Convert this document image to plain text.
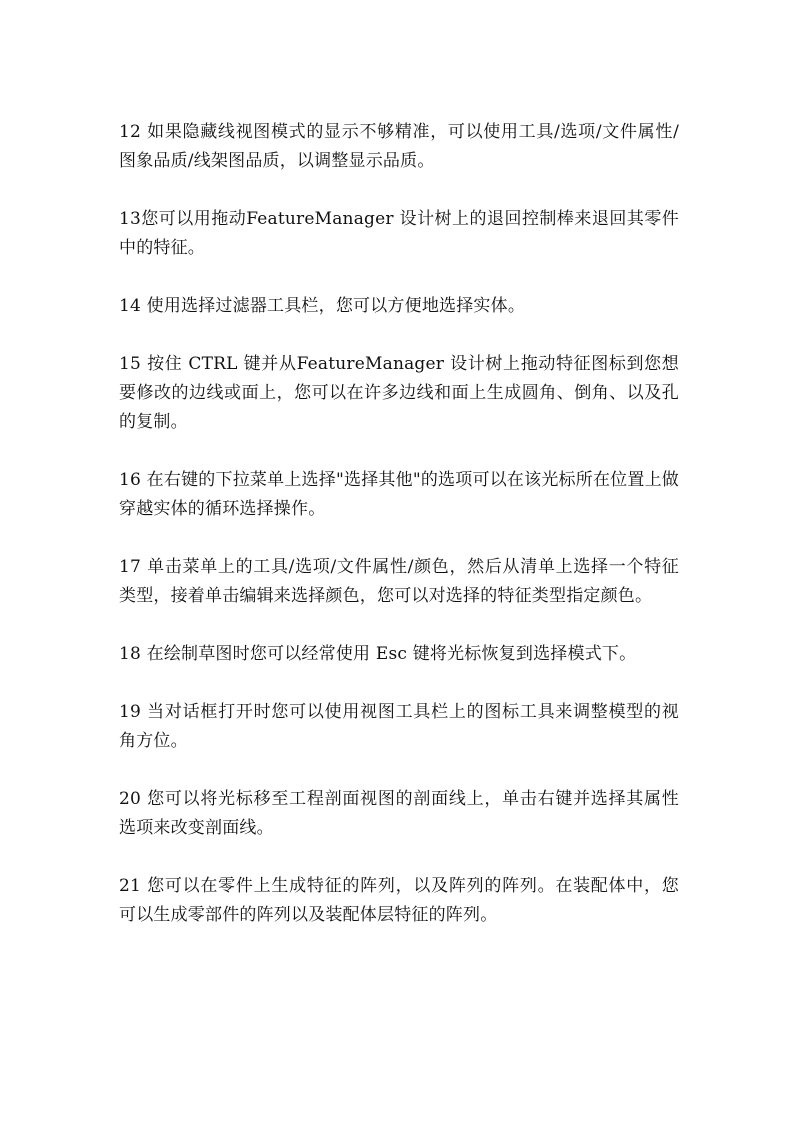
12 如果隐藏线视图模式的显示不够精准，可以使用工具/选项/文件属性/图象品质/线架图品质，以调整显示品质。

13您可以用拖动FeatureManager 设计树上的退回控制棒来退回其零件中的特征。

14 使用选择过滤器工具栏，您可以方便地选择实体。

15 按住 CTRL 键并从FeatureManager 设计树上拖动特征图标到您想要修改的边线或面上，您可以在许多边线和面上生成圆角、倒角、以及孔的复制。

16 在右键的下拉菜单上选择"选择其他"的选项可以在该光标所在位置上做穿越实体的循环选择操作。

17 单击菜单上的工具/选项/文件属性/颜色，然后从清单上选择一个特征类型，接着单击编辑来选择颜色，您可以对选择的特征类型指定颜色。

18 在绘制草图时您可以经常使用 Esc 键将光标恢复到选择模式下。

19 当对话框打开时您可以使用视图工具栏上的图标工具来调整模型的视角方位。

20 您可以将光标移至工程剖面视图的剖面线上，单击右键并选择其属性选项来改变剖面线。

21 您可以在零件上生成特征的阵列，以及阵列的阵列。在装配体中，您可以生成零部件的阵列以及装配体层特征的阵列。
